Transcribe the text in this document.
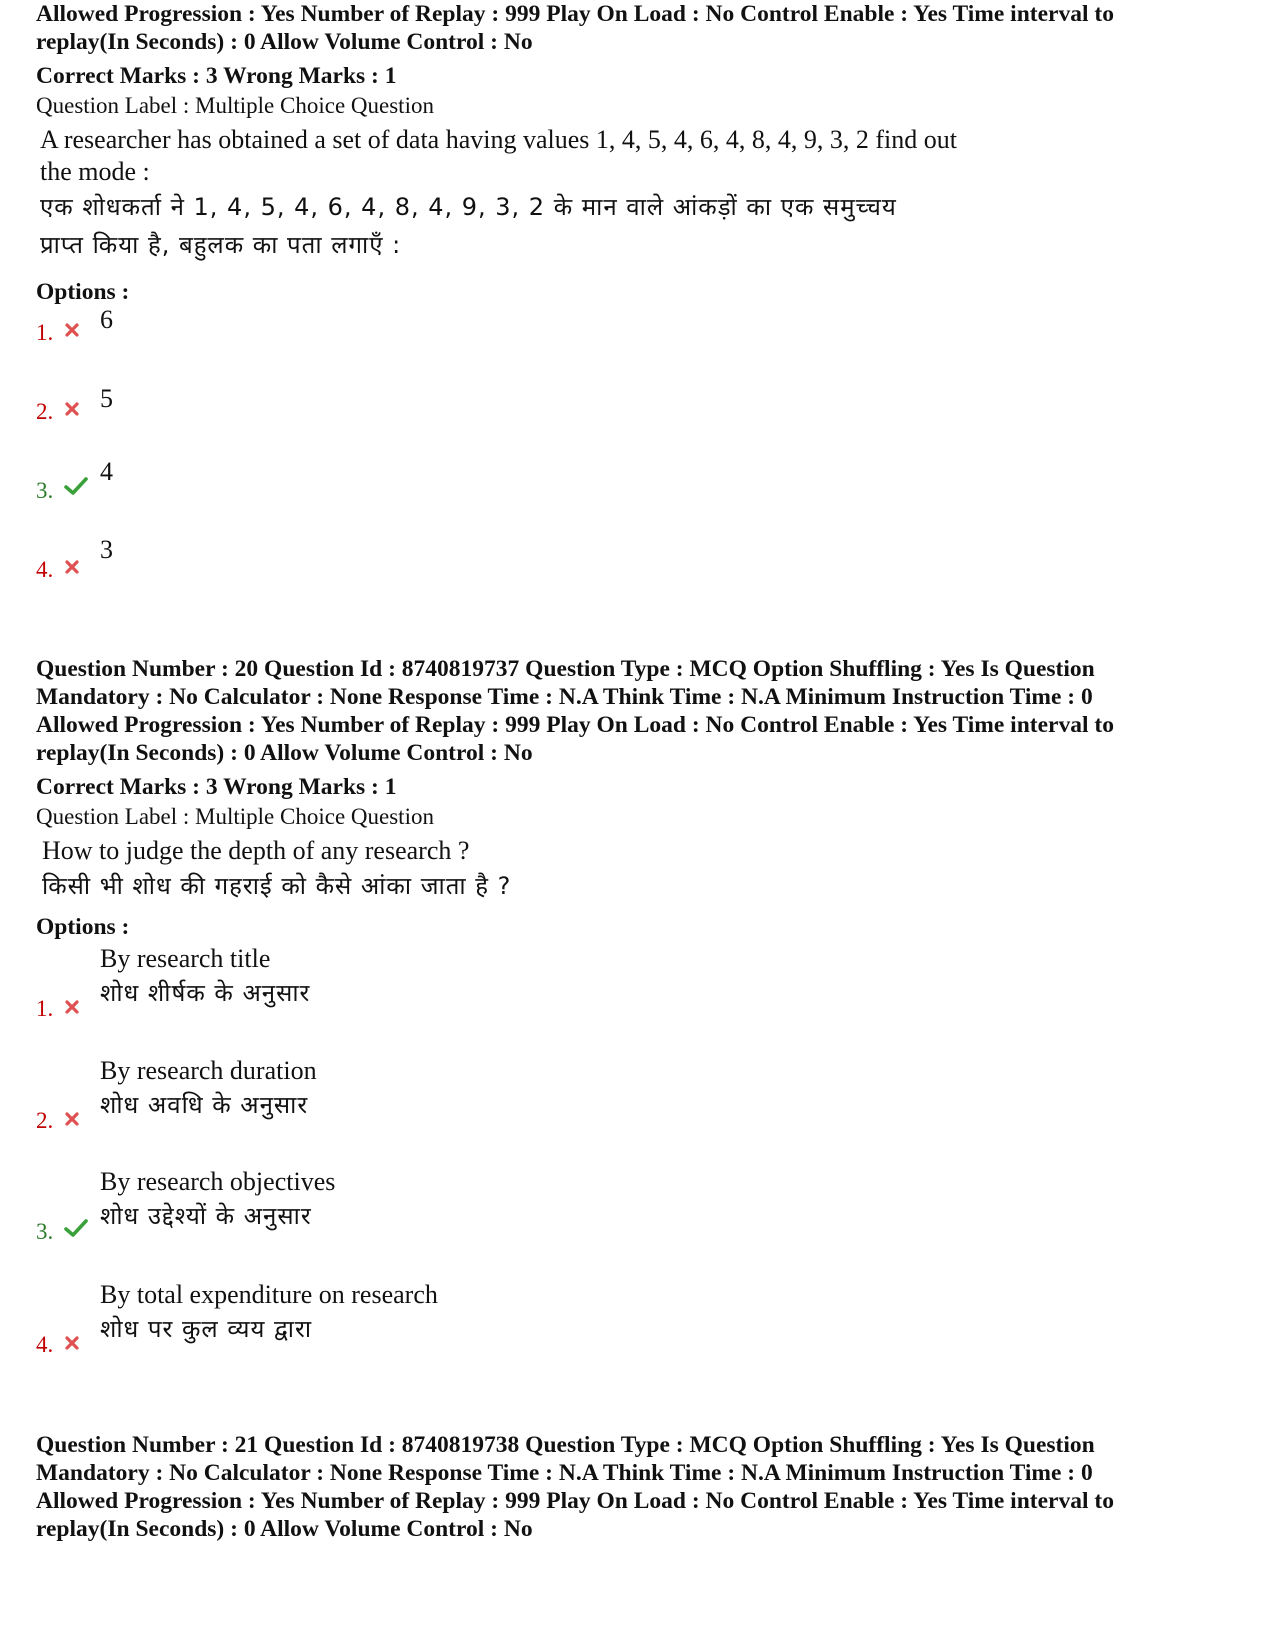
Allowed Progression : Yes Number of Replay : 999 Play On Load : No Control Enable : Yes Time interval to

replay(In Seconds) : 0 Allow Volume Control : No

Correct Marks : 3 Wrong Marks : 1

Question Label : Multiple Choice Question

A researcher has obtained a set of data having values 1, 4, 5, 4, 6, 4, 8, 4, 9, 3, 2 find out
the mode :
एक शोधकर्ता ने 1, 4, 5, 4, 6, 4, 8, 4, 9, 3, 2 के मान वाले आंकड़ों का एक समुच्चय
प्राप्त किया है, बहुलक का पता लगाएँ :

Options :

1. 6
2. 5
3.
4
4.
3

Question Number : 20 Question Id : 8740819737 Question Type : MCQ Option Shuffling : Yes Is Question

Mandatory : No Calculator : None Response Time : N.A Think Time : N.A Minimum Instruction Time : 0

Allowed Progression : Yes Number of Replay : 999 Play On Load : No Control Enable : Yes Time interval to

replay(In Seconds) : 0 Allow Volume Control : No

Correct Marks : 3 Wrong Marks : 1

Question Label : Multiple Choice Question

How to judge the depth of any research ?
किसी भी शोध की गहराई को कैसे आंका जाता है ?

Options :

1.
By research title
शोध शीर्षक के अनुसार
2.
By research duration
शोध अवधि के अनुसार
3.
By research objectives
शोध उद्देश्यों के अनुसार
4.
By total expenditure on research
शोध पर कुल व्यय द्वारा

Question Number : 21 Question Id : 8740819738 Question Type : MCQ Option Shuffling : Yes Is Question

Mandatory : No Calculator : None Response Time : N.A Think Time : N.A Minimum Instruction Time : 0

Allowed Progression : Yes Number of Replay : 999 Play On Load : No Control Enable : Yes Time interval to

replay(In Seconds) : 0 Allow Volume Control : No
